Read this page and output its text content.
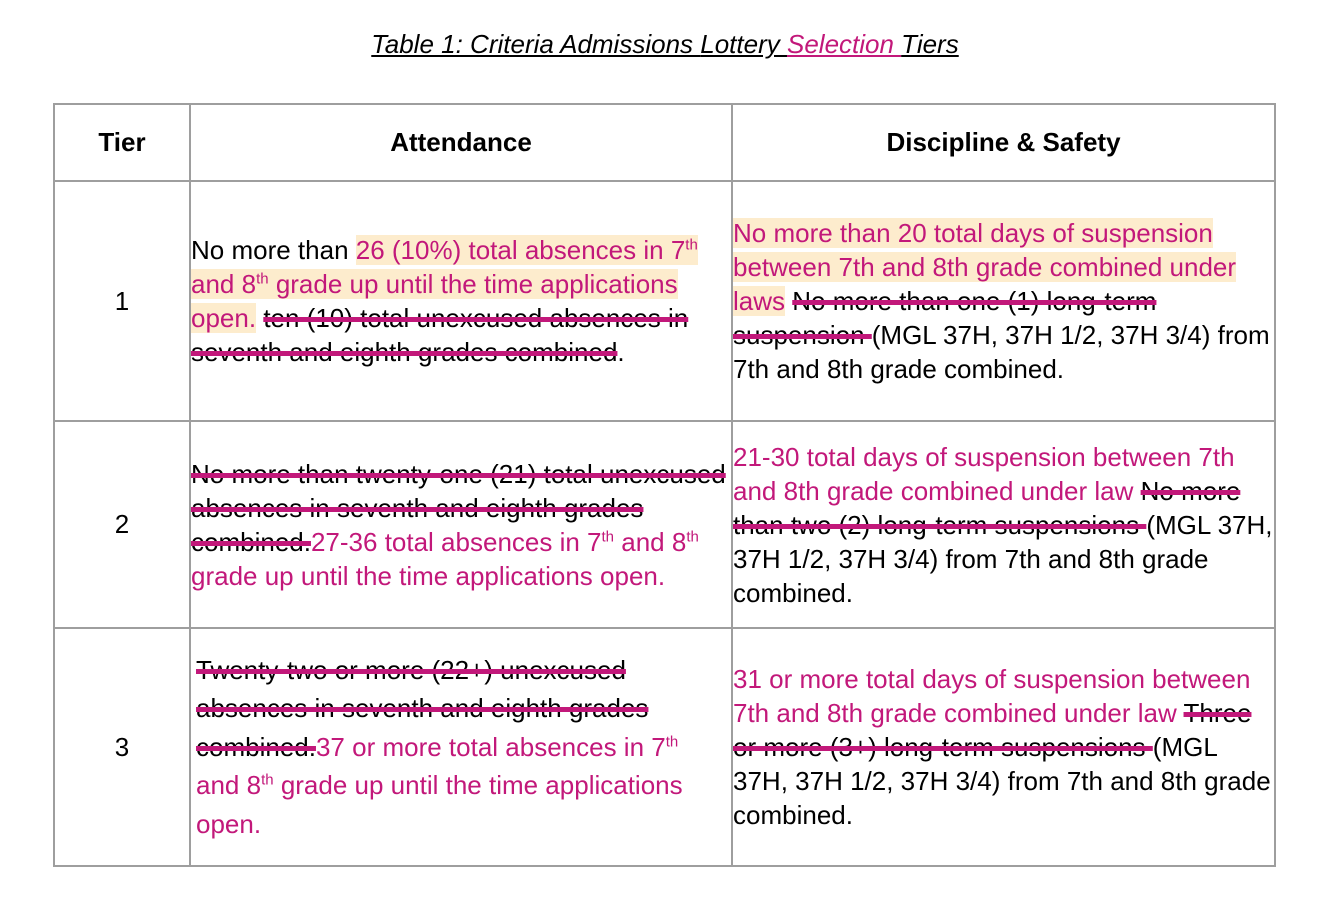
Table 1: Criteria Admissions Lottery Selection Tiers
Tier	Attendance	Discipline & Safety
1	No more than 26 (10%) total absences in 7th and 8th grade up until the time applications open. ten (10) total unexcused absences in seventh and eighth grades combined.	No more than 20 total days of suspension between 7th and 8th grade combined under laws No more than one (1) long-term suspension (MGL 37H, 37H 1/2, 37H 3/4) from 7th and 8th grade combined.
2	No more than twenty-one (21) total unexcused absences in seventh and eighth grades combined.27-36 total absences in 7th and 8th grade up until the time applications open.	21-30 total days of suspension between 7th and 8th grade combined under law No more than two (2) long-term suspensions (MGL 37H, 37H 1/2, 37H 3/4) from 7th and 8th grade combined.
3	Twenty-two or more (22+) unexcused absences in seventh and eighth grades combined.37 or more total absences in 7th and 8th grade up until the time applications open.	31 or more total days of suspension between 7th and 8th grade combined under law Three or more (3+) long-term suspensions (MGL 37H, 37H 1/2, 37H 3/4) from 7th and 8th grade combined.
